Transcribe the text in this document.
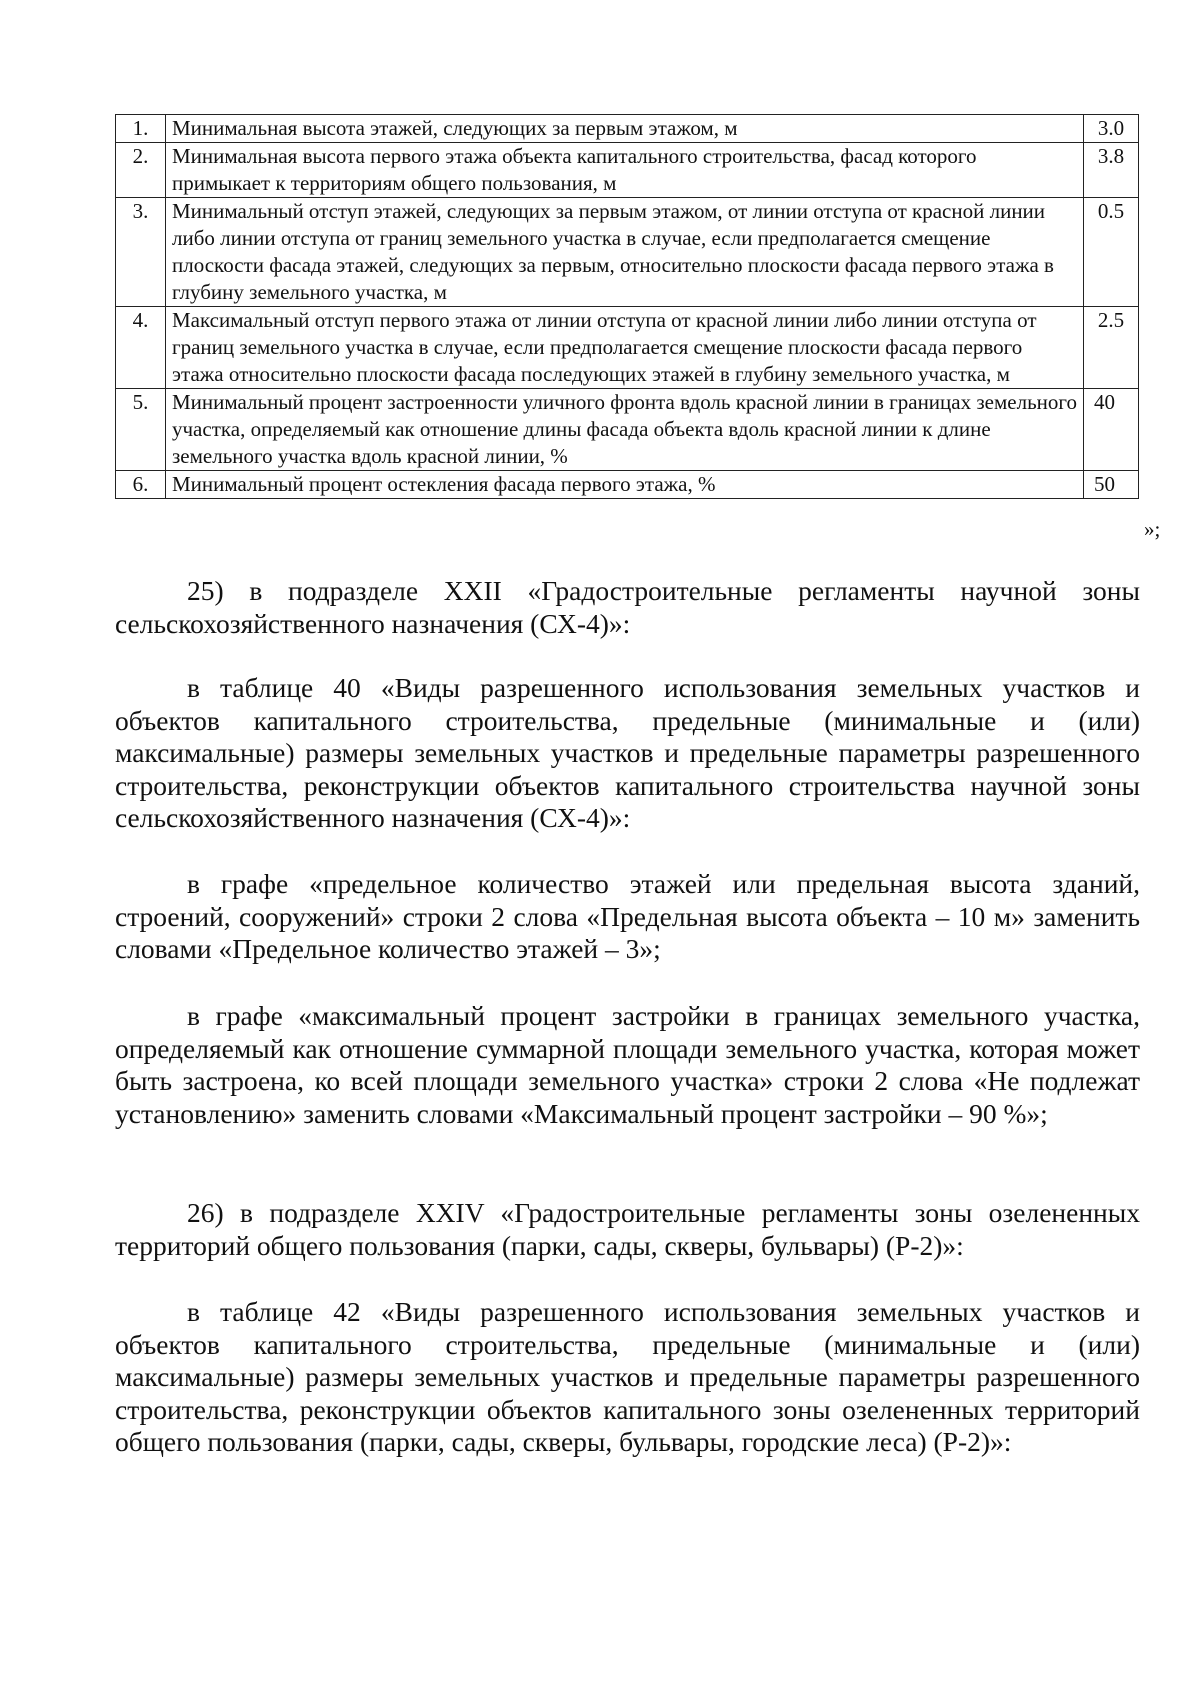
1.	Минимальная высота этажей, следующих за первым этажом, м	3.0
2.	Минимальная высота первого этажа объекта капитального строительства, фасад которого примыкает к территориям общего пользования, м	3.8
3.	Минимальный отступ этажей, следующих за первым этажом, от линии отступа от красной линии либо линии отступа от границ земельного участка в случае, если предполагается смещение плоскости фасада этажей, следующих за первым, относительно плоскости фасада первого этажа в глубину земельного участка, м	0.5
4.	Максимальный отступ первого этажа от линии отступа от красной линии либо линии отступа от границ земельного участка в случае, если предполагается смещение плоскости фасада первого этажа относительно плоскости фасада последующих этажей в глубину земельного участка, м	2.5
5.	Минимальный процент застроенности уличного фронта вдоль красной линии в границах земельного участка, определяемый как отношение длины фасада объекта вдоль красной линии к длине земельного участка вдоль красной линии, %	40
6.	Минимальный процент остекления фасада первого этажа, %	50
»;

25) в подразделе XXII «Градостроительные регламенты научной зоны сельскохозяйственного назначения (СХ-4)»:

в таблице 40 «Виды разрешенного использования земельных участков и объектов капитального строительства, предельные (минимальные и (или) максимальные) размеры земельных участков и предельные параметры разрешенного строительства, реконструкции объектов капитального строительства научной зоны сельскохозяйственного назначения (СХ-4)»:

в графе «предельное количество этажей или предельная высота зданий, строений, сооружений» строки 2 слова «Предельная высота объекта – 10 м» заменить словами «Предельное количество этажей – 3»;

в графе «максимальный процент застройки в границах земельного участка, определяемый как отношение суммарной площади земельного участка, которая может быть застроена, ко всей площади земельного участка» строки 2 слова «Не подлежат установлению» заменить словами «Максимальный процент застройки – 90 %»;

26) в подразделе XXIV «Градостроительные регламенты зоны озелененных территорий общего пользования (парки, сады, скверы, бульвары) (Р-2)»:

в таблице 42 «Виды разрешенного использования земельных участков и объектов капитального строительства, предельные (минимальные и (или) максимальные) размеры земельных участков и предельные параметры разрешенного строительства, реконструкции объектов капитального зоны озелененных территорий общего пользования (парки, сады, скверы, бульвары, городские леса) (Р-2)»:
